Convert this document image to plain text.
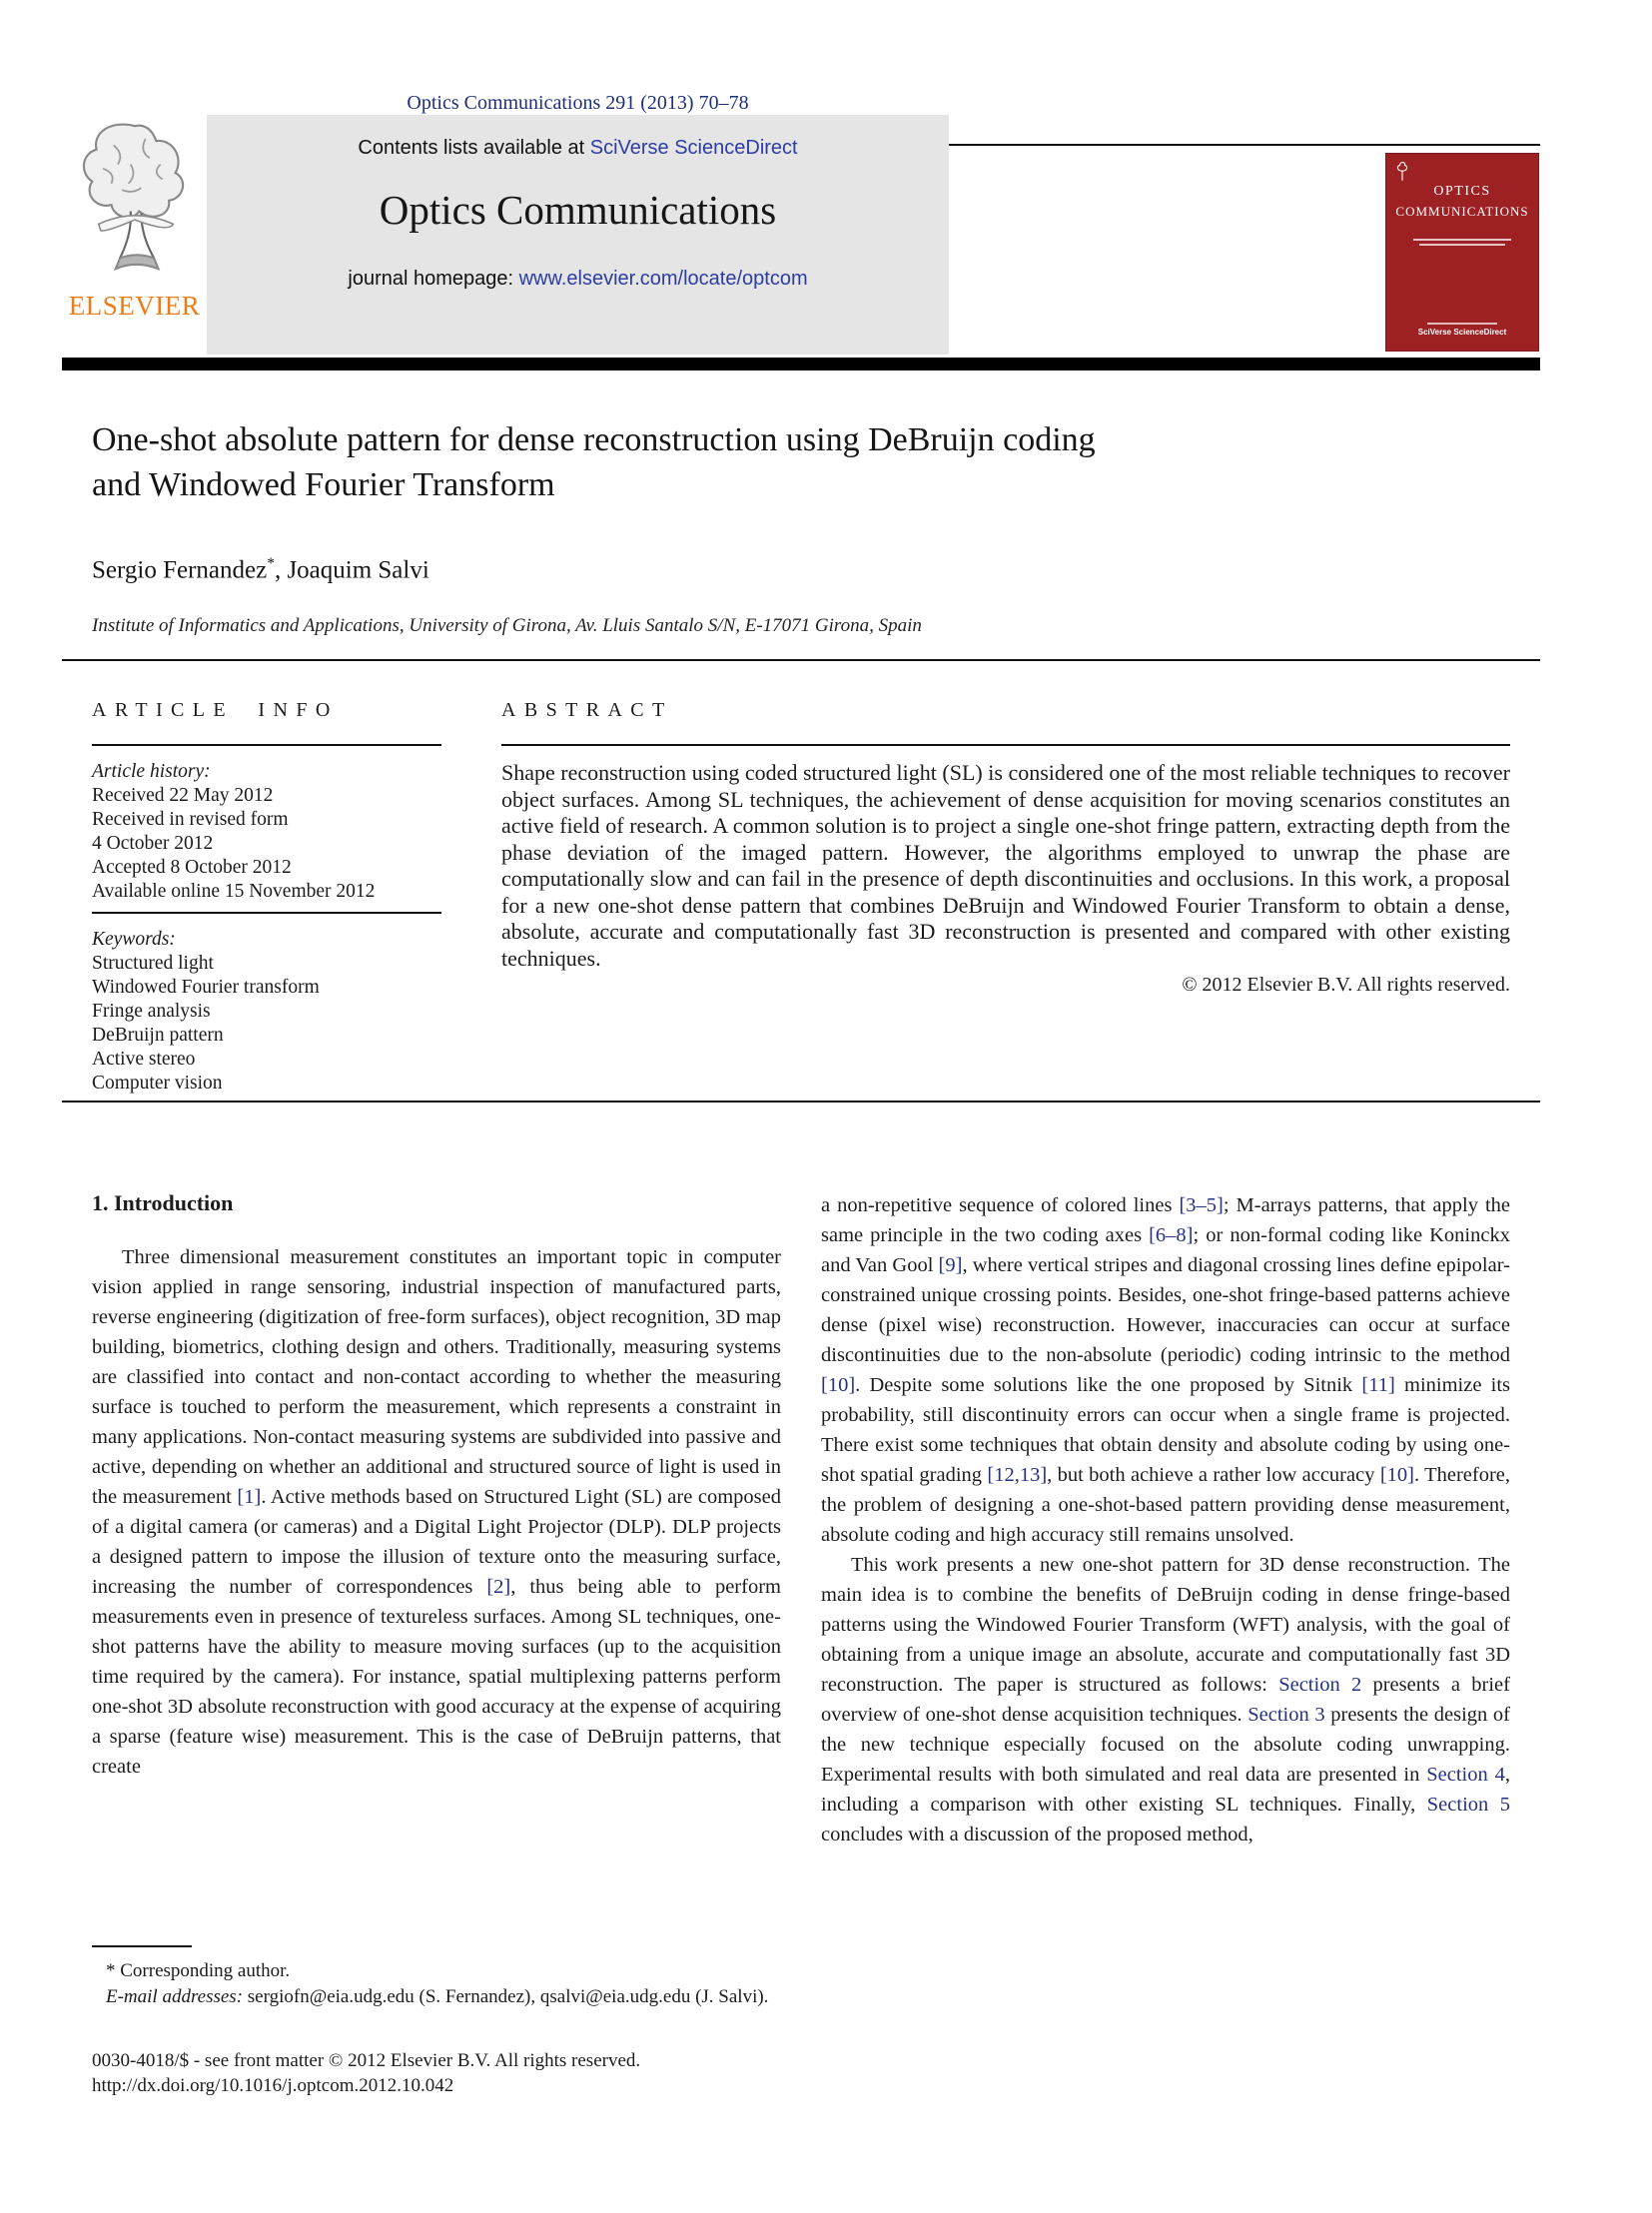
Optics Communications 291 (2013) 70–78
ELSEVIER
Contents lists available at SciVerse ScienceDirect
Optics Communications
journal homepage: www.elsevier.com/locate/optcom
OPTICS
COMMUNICATIONS
SciVerse ScienceDirect
One-shot absolute pattern for dense reconstruction using DeBruijn coding
and Windowed Fourier Transform
Sergio Fernandez*, Joaquim Salvi
Institute of Informatics and Applications, University of Girona, Av. Lluis Santalo S/N, E-17071 Girona, Spain
ARTICLE INFO
Article history:
Received 22 May 2012
Received in revised form
4 October 2012
Accepted 8 October 2012
Available online 15 November 2012
Keywords:
Structured light
Windowed Fourier transform
Fringe analysis
DeBruijn pattern
Active stereo
Computer vision
ABSTRACT
Shape reconstruction using coded structured light (SL) is considered one of the most reliable techniques to recover object surfaces. Among SL techniques, the achievement of dense acquisition for moving scenarios constitutes an active field of research. A common solution is to project a single one-shot fringe pattern, extracting depth from the phase deviation of the imaged pattern. However, the algorithms employed to unwrap the phase are computationally slow and can fail in the presence of depth discontinuities and occlusions. In this work, a proposal for a new one-shot dense pattern that combines DeBruijn and Windowed Fourier Transform to obtain a dense, absolute, accurate and computationally fast 3D reconstruction is presented and compared with other existing techniques.
© 2012 Elsevier B.V. All rights reserved.
1. Introduction

Three dimensional measurement constitutes an important topic in computer vision applied in range sensoring, industrial inspection of manufactured parts, reverse engineering (digitization of free-form surfaces), object recognition, 3D map building, biometrics, clothing design and others. Traditionally, measuring systems are classified into contact and non-contact according to whether the measuring surface is touched to perform the measurement, which represents a constraint in many applications. Non-contact measuring systems are subdivided into passive and active, depending on whether an additional and structured source of light is used in the measurement [1]. Active methods based on Structured Light (SL) are composed of a digital camera (or cameras) and a Digital Light Projector (DLP). DLP projects a designed pattern to impose the illusion of texture onto the measuring surface, increasing the number of correspondences [2], thus being able to perform measurements even in presence of textureless surfaces. Among SL techniques, one-shot patterns have the ability to measure moving surfaces (up to the acquisition time required by the camera). For instance, spatial multiplexing patterns perform one-shot 3D absolute reconstruction with good accuracy at the expense of acquiring a sparse (feature wise) measurement. This is the case of DeBruijn patterns, that create

a non-repetitive sequence of colored lines [3–5]; M-arrays patterns, that apply the same principle in the two coding axes [6–8]; or non-formal coding like Koninckx and Van Gool [9], where vertical stripes and diagonal crossing lines define epipolar-constrained unique crossing points. Besides, one-shot fringe-based patterns achieve dense (pixel wise) reconstruction. However, inaccuracies can occur at surface discontinuities due to the non-absolute (periodic) coding intrinsic to the method [10]. Despite some solutions like the one proposed by Sitnik [11] minimize its probability, still discontinuity errors can occur when a single frame is projected. There exist some techniques that obtain density and absolute coding by using one-shot spatial grading [12,13], but both achieve a rather low accuracy [10]. Therefore, the problem of designing a one-shot-based pattern providing dense measurement, absolute coding and high accuracy still remains unsolved.

This work presents a new one-shot pattern for 3D dense reconstruction. The main idea is to combine the benefits of DeBruijn coding in dense fringe-based patterns using the Windowed Fourier Transform (WFT) analysis, with the goal of obtaining from a unique image an absolute, accurate and computationally fast 3D reconstruction. The paper is structured as follows: Section 2 presents a brief overview of one-shot dense acquisition techniques. Section 3 presents the design of the new technique especially focused on the absolute coding unwrapping. Experimental results with both simulated and real data are presented in Section 4, including a comparison with other existing SL techniques. Finally, Section 5 concludes with a discussion of the proposed method,

* Corresponding author.
E-mail addresses: sergiofn@eia.udg.edu (S. Fernandez), qsalvi@eia.udg.edu (J. Salvi).
0030-4018/$ - see front matter © 2012 Elsevier B.V. All rights reserved.
http://dx.doi.org/10.1016/j.optcom.2012.10.042
